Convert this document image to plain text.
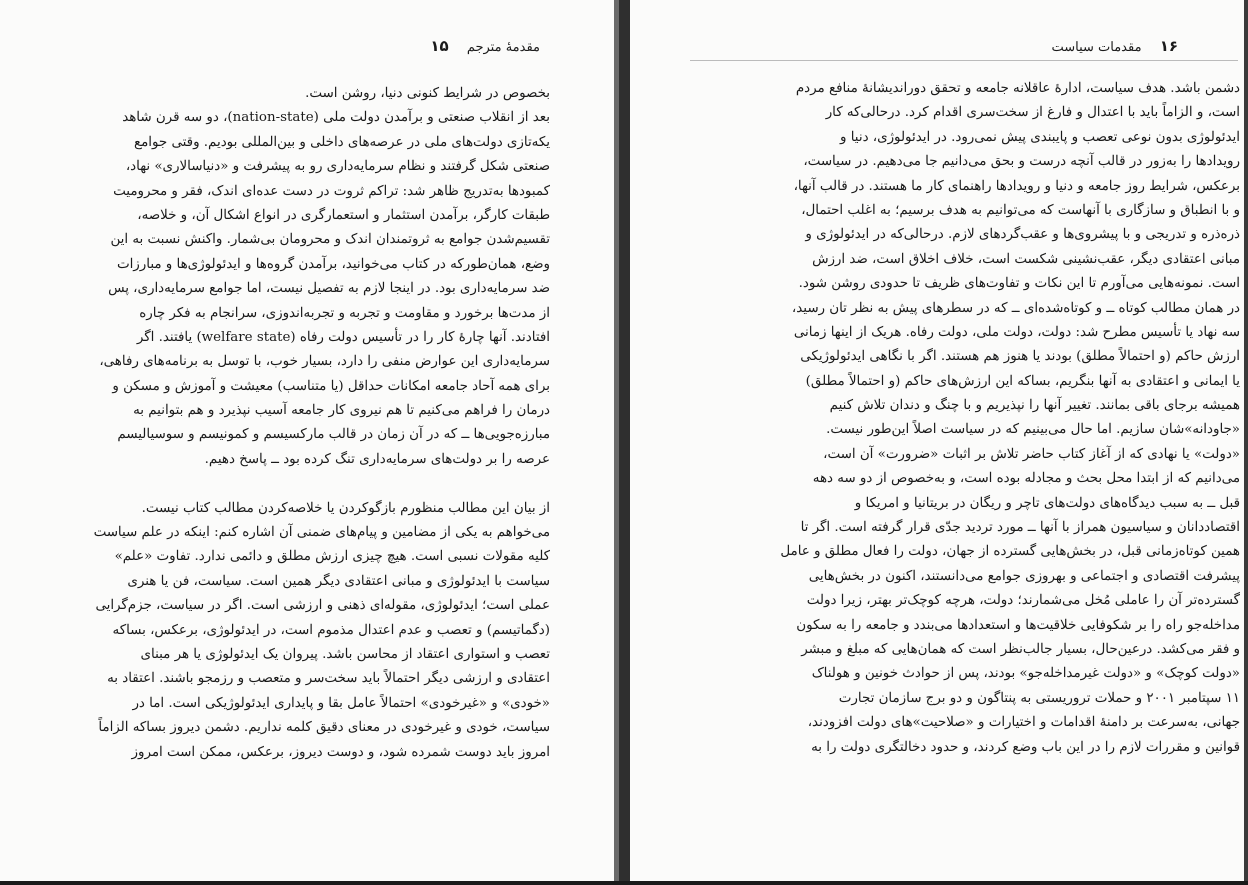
مقدمهٔ مترجم ۱۵
بخصوص در شرایط کنونی دنیا، روشن است.
بعد از انقلاب صنعتی و برآمدن دولت ملی (nation-state)، دو سه قرن شاهد
یکه‌تازی دولت‌های ملی در عرصه‌های داخلی و بین‌المللی بودیم. وقتی جوامع
صنعتی شکل گرفتند و نظام سرمایه‌داری رو به پیشرفت و «دنیاسالاری» نهاد،
کمبودها به‌تدریج ظاهر شد: تراکم ثروت در دست عده‌ای اندک، فقر و محرومیت
طبقات کارگر، برآمدن استثمار و استعمارگری در انواع اشکال آن، و خلاصه،
تقسیم‌شدن جوامع به ثروتمندان اندک و محرومان بی‌شمار. واکنش نسبت به این
وضع، همان‌طورکه در کتاب می‌خوانید، برآمدن گروه‌ها و ایدئولوژی‌ها و مبارزات
ضد سرمایه‌داری بود. در اینجا لازم به تفصیل نیست، اما جوامع سرمایه‌داری، پس
از مدت‌ها برخورد و مقاومت و تجربه و تجربه‌اندوزی، سرانجام به فکر چاره
افتادند. آنها چارهٔ کار را در تأسیس دولت رفاه (welfare state) یافتند. اگر
سرمایه‌داری این عوارض منفی را دارد، بسیار خوب، با توسل به برنامه‌های رفاهی،
برای همه آحاد جامعه امکانات حداقل (یا متناسب) معیشت و آموزش و مسکن و
درمان را فراهم می‌کنیم تا هم نیروی کار جامعه آسیب نپذیرد و هم بتوانیم به
مبارزه‌جویی‌ها ــ که در آن زمان در قالب مارکسیسم و کمونیسم و سوسیالیسم
عرصه را بر دولت‌های سرمایه‌داری تنگ کرده بود ــ پاسخ دهیم.
از بیان این مطالب منظورم بازگوکردن یا خلاصه‌کردن مطالب کتاب نیست.
می‌خواهم به یکی از مضامین و پیام‌های ضمنی آن اشاره کنم: اینکه در علم سیاست
کلیه مقولات نسبی است. هیچ چیزی ارزش مطلق و دائمی ندارد. تفاوت «علم»
سیاست با ایدئولوژی و مبانی اعتقادی دیگر همین است. سیاست، فن یا هنری
عملی است؛ ایدئولوژی، مقوله‌ای ذهنی و ارزشی است. اگر در سیاست، جزم‌گرایی
(دگماتیسم) و تعصب و عدم اعتدال مذموم است، در ایدئولوژی، برعکس، بساکه
تعصب و استواری اعتقاد از محاسن باشد. پیروان یک ایدئولوژی یا هر مبنای
اعتقادی و ارزشی دیگر احتمالاً باید سخت‌سر و متعصب و رزمجو باشند. اعتقاد به
«خودی» و «غیرخودی» احتمالاً عامل بقا و پایداری ایدئولوژیکی است. اما در
سیاست، خودی و غیرخودی در معنای دقیق کلمه نداریم. دشمن دیروز بساکه الزاماً
امروز باید دوست شمرده شود، و دوست دیروز، برعکس، ممکن است امروز
۱۶ مقدمات سیاست
دشمن باشد. هدف سیاست، ادارهٔ عاقلانه جامعه و تحقق دوراندیشانهٔ منافع مردم
است، و الزاماً باید با اعتدال و فارغ از سخت‌سری اقدام کرد. درحالی‌که کار
ایدئولوژی بدون نوعی تعصب و پایبندی پیش نمی‌رود. در ایدئولوژی، دنیا و
رویدادها را به‌زور در قالب آنچه درست و بحق می‌دانیم جا می‌دهیم. در سیاست،
برعکس، شرایط روز جامعه و دنیا و رویدادها راهنمای کار ما هستند. در قالب آنها،
و با انطباق و سازگاری با آنهاست که می‌توانیم به هدف برسیم؛ به اغلب احتمال،
ذره‌ذره و تدریجی و با پیشروی‌ها و عقب‌گردهای لازم. درحالی‌که در ایدئولوژی و
مبانی اعتقادی دیگر، عقب‌نشینی شکست است، خلاف اخلاق است، ضد ارزش
است. نمونه‌هایی می‌آورم تا این نکات و تفاوت‌های ظریف تا حدودی روشن شود.
در همان مطالب کوتاه ــ و کوتاه‌شده‌ای ــ که در سطرهای پیش به نظر تان رسید،
سه نهاد یا تأسیس مطرح شد: دولت، دولت ملی، دولت رفاه. هریک از اینها زمانی
ارزش حاکم (و احتمالاً مطلق) بودند یا هنوز هم هستند. اگر با نگاهی ایدئولوژیکی
یا ایمانی و اعتقادی به آنها بنگریم، بساکه این ارزش‌های حاکم (و احتمالاً مطلق)
همیشه برجای باقی بمانند. تغییر آنها را نپذیریم و با چنگ و دندان تلاش کنیم
«جاودانه»شان سازیم. اما حال می‌بینیم که در سیاست اصلاً این‌طور نیست.
«دولت» یا نهادی که از آغاز کتاب حاضر تلاش بر اثبات «ضرورت» آن است،
می‌دانیم که از ابتدا محل بحث و مجادله بوده است، و به‌خصوص از دو سه دهه
قبل ــ به سبب دیدگاه‌های دولت‌های تاچر و ریگان در بریتانیا و امریکا و
اقتصاددانان و سیاسیون همراز با آنها ــ مورد تردید جدّی قرار گرفته است. اگر تا
همین کوتاه‌زمانی قبل، در بخش‌هایی گسترده از جهان، دولت را فعال مطلق و عامل
پیشرفت اقتصادی و اجتماعی و بهروزی جوامع می‌دانستند، اکنون در بخش‌هایی
گسترده‌تر آن را عاملی مُخل می‌شمارند؛ دولت، هرچه کوچک‌تر بهتر، زیرا دولت
مداخله‌جو راه را بر شکوفایی خلاقیت‌ها و استعدادها می‌بندد و جامعه را به سکون
و فقر می‌کشد. درعین‌حال، بسیار جالب‌نظر است که همان‌هایی که مبلغ و مبشر
«دولت کوچک» و «دولت غیرمداخله‌جو» بودند، پس از حوادث خونین و هولناک
۱۱ سپتامبر ۲۰۰۱ و حملات تروریستی به پنتاگون و دو برج سازمان تجارت
جهانی، به‌سرعت بر دامنهٔ اقدامات و اختیارات و «صلاحیت»های دولت افزودند،
قوانین و مقررات لازم را در این باب وضع کردند، و حدود دخالتگری دولت را به
